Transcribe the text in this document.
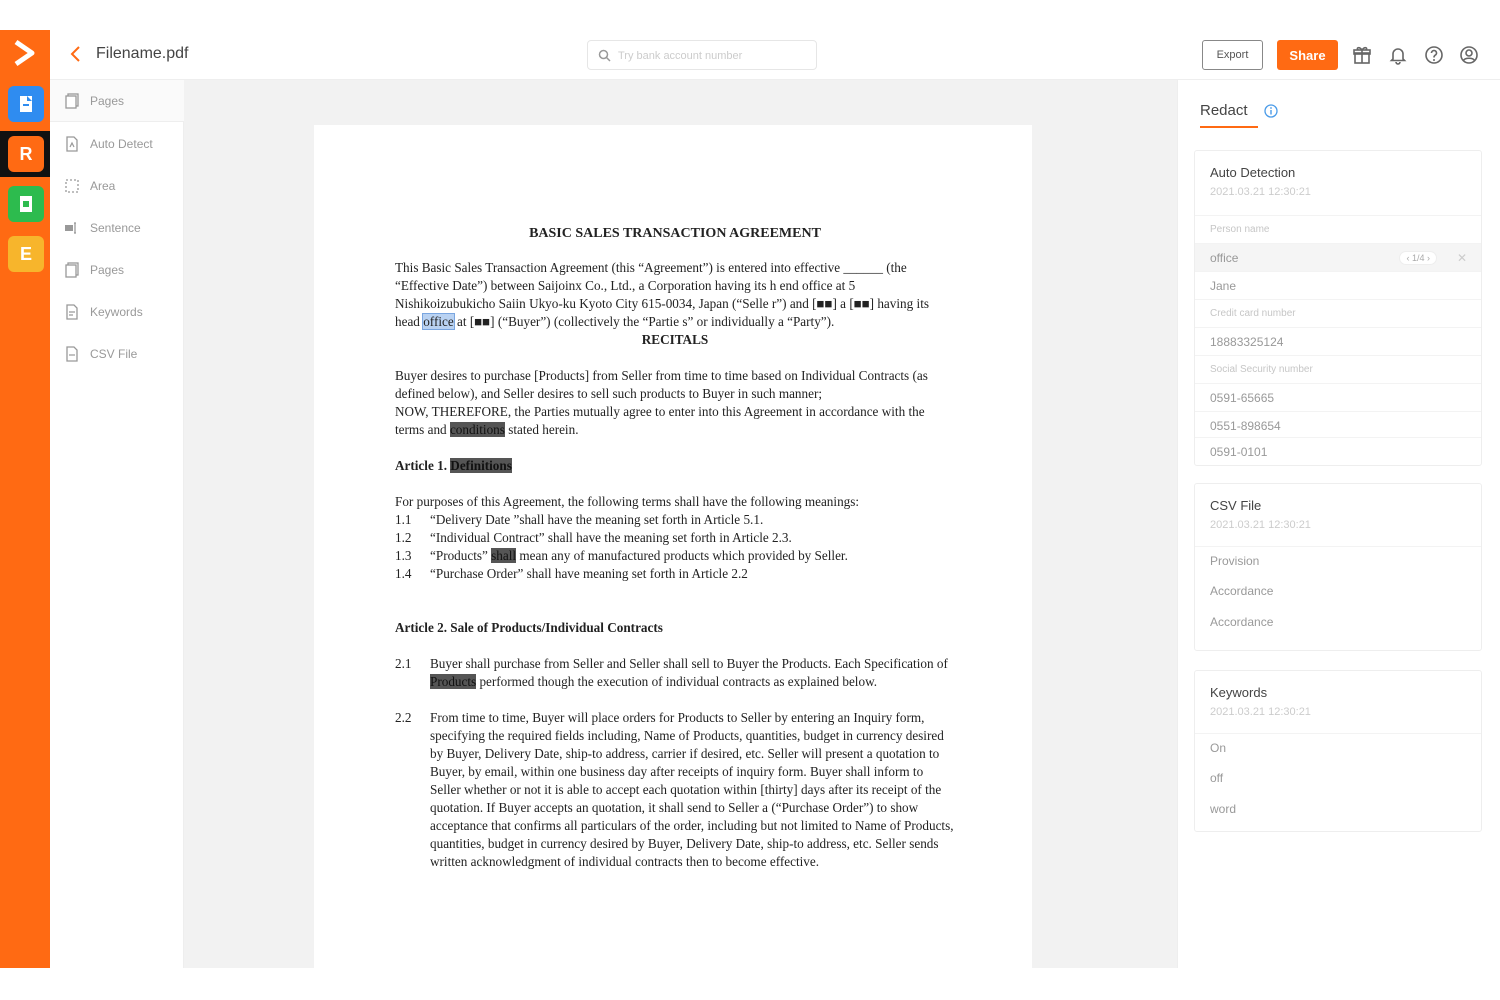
R
E
Filename.pdf
Try bank account number	Export	Share
Pages
Auto Detect
Area
Sentence
Pages
Keywords
CSV File
BASIC SALES TRANSACTION AGREEMENT

This Basic Sales Transaction Agreement (this “Agreement”) is entered into effective ______ (the “Effective Date”) between Saijoinx Co., Ltd., a Corporation having its h end office at 5 Nishikoizubukicho Saiin Ukyo-ku Kyoto City 615-0034, Japan (“Selle r”) and [■■] a [■■] having its head office at [■■] (“Buyer”) (collectively the “Partie s” or individually a “Party”).

RECITALS

Buyer desires to purchase [Products] from Seller from time to time based on Individual Contracts (as defined below), and Seller desires to sell such products to Buyer in such manner;

NOW, THEREFORE, the Parties mutually agree to enter into this Agreement in accordance with the terms and conditions stated herein.

Article 1. Definitions

For purposes of this Agreement, the following terms shall have the following meanings:

1.1	“Delivery Date ”shall have the meaning set forth in Article 5.1.
1.2	“Individual Contract” shall have the meaning set forth in Article 2.3.
1.3	“Products” shall mean any of manufactured products which provided by Seller.
1.4	“Purchase Order” shall have meaning set forth in Article 2.2

Article 2. Sale of Products/Individual Contracts

2.1	Buyer shall purchase from Seller and Seller shall sell to Buyer the Products. Each Specification of Products performed though the execution of individual contracts as explained below.
2.2	From time to time, Buyer will place orders for Products to Seller by entering an Inquiry form, specifying the required fields including, Name of Products, quantities, budget in currency desired by Buyer, Delivery Date, ship-to address, carrier if desired, etc. Seller will present a quotation to Buyer, by email, within one business day after receipts of inquiry form. Buyer shall inform to Seller whether or not it is able to accept each quotation within [thirty] days after its receipt of the quotation. If Buyer accepts an quotation, it shall send to Seller a (“Purchase Order”) to show acceptance that confirms all particulars of the order, including but not limited to Name of Products, quantities, budget in currency desired by Buyer, Delivery Date, ship-to address, etc. Seller sends written acknowledgment of individual contracts then to become effective.
Redact
Auto Detection
2021.03.21 12:30:21
Person name
office	‹ 1/4 ›	✕
Jane
Credit card number
18883325124
Social Security number
0591-65665
0551-898654
0591-0101
CSV File
2021.03.21 12:30:21
Provision
Accordance
Accordance
Keywords
2021.03.21 12:30:21
On
off
word
